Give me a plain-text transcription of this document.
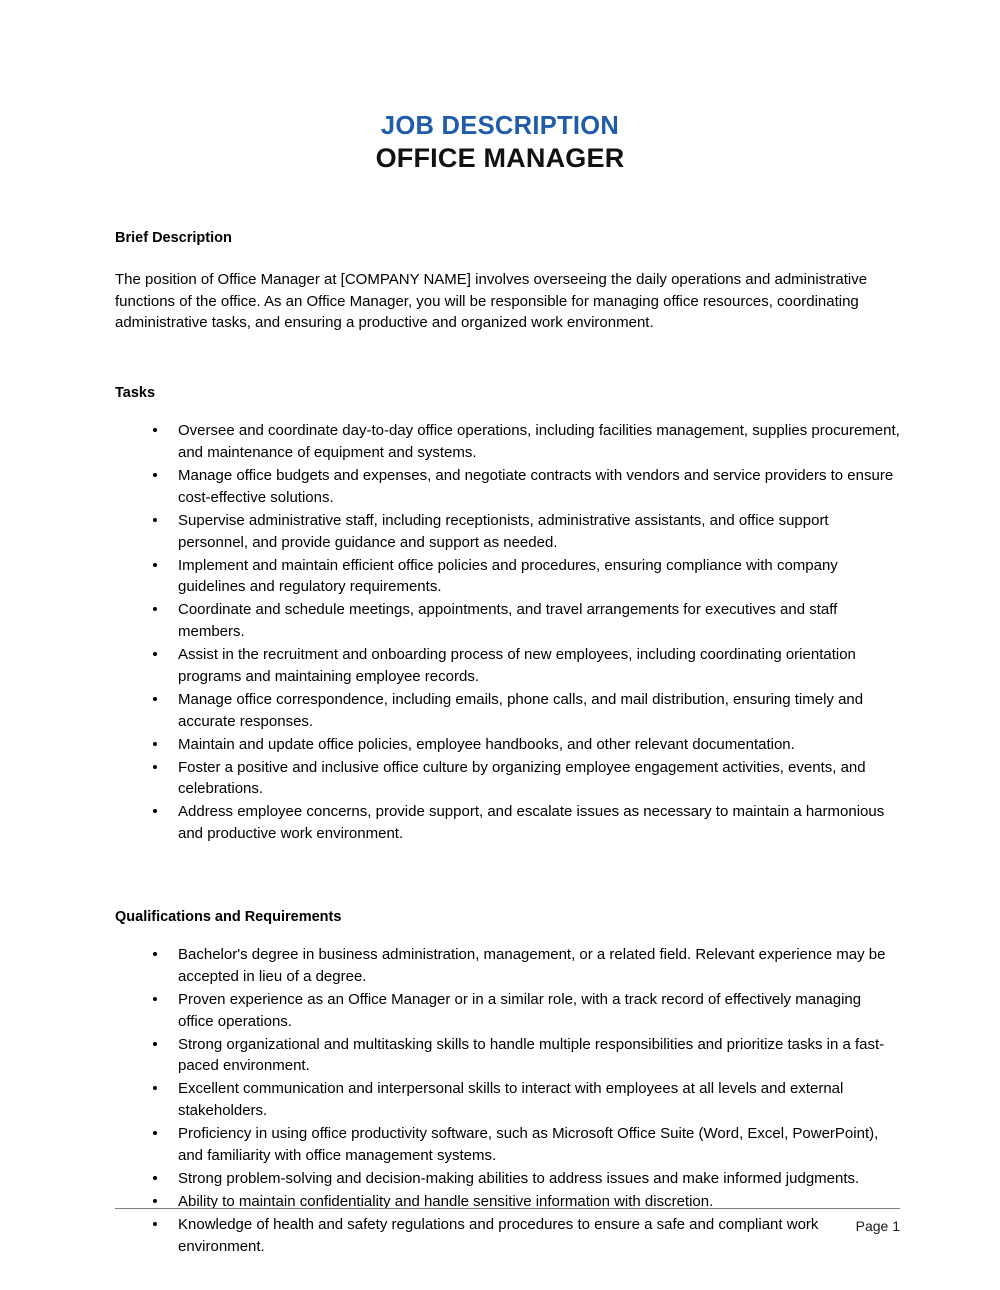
JOB DESCRIPTION
OFFICE MANAGER
Brief Description

The position of Office Manager at [COMPANY NAME] involves overseeing the daily operations and administrative functions of the office. As an Office Manager, you will be responsible for managing office resources, coordinating administrative tasks, and ensuring a productive and organized work environment.

Tasks
Oversee and coordinate day-to-day office operations, including facilities management, supplies procurement, and maintenance of equipment and systems.
Manage office budgets and expenses, and negotiate contracts with vendors and service providers to ensure cost-effective solutions.
Supervise administrative staff, including receptionists, administrative assistants, and office support personnel, and provide guidance and support as needed.
Implement and maintain efficient office policies and procedures, ensuring compliance with company guidelines and regulatory requirements.
Coordinate and schedule meetings, appointments, and travel arrangements for executives and staff members.
Assist in the recruitment and onboarding process of new employees, including coordinating orientation programs and maintaining employee records.
Manage office correspondence, including emails, phone calls, and mail distribution, ensuring timely and accurate responses.
Maintain and update office policies, employee handbooks, and other relevant documentation.
Foster a positive and inclusive office culture by organizing employee engagement activities, events, and celebrations.
Address employee concerns, provide support, and escalate issues as necessary to maintain a harmonious and productive work environment.
Qualifications and Requirements
Bachelor's degree in business administration, management, or a related field. Relevant experience may be accepted in lieu of a degree.
Proven experience as an Office Manager or in a similar role, with a track record of effectively managing office operations.
Strong organizational and multitasking skills to handle multiple responsibilities and prioritize tasks in a fast-paced environment.
Excellent communication and interpersonal skills to interact with employees at all levels and external stakeholders.
Proficiency in using office productivity software, such as Microsoft Office Suite (Word, Excel, PowerPoint), and familiarity with office management systems.
Strong problem-solving and decision-making abilities to address issues and make informed judgments.
Ability to maintain confidentiality and handle sensitive information with discretion.
Knowledge of health and safety regulations and procedures to ensure a safe and compliant work environment.
Page 1
